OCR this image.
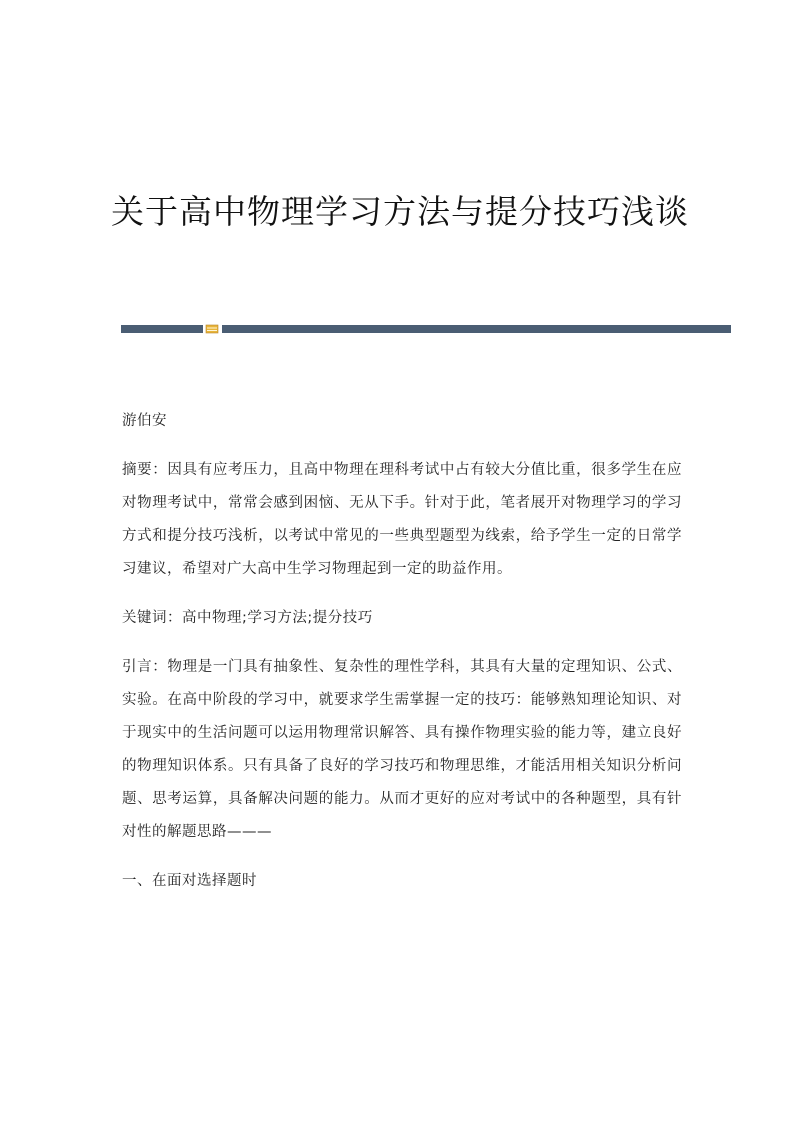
关于高中物理学习方法与提分技巧浅谈

游伯安

摘要：因具有应考压力，且高中物理在理科考试中占有较大分值比重，很多学生在应对物理考试中，常常会感到困恼、无从下手。针对于此，笔者展开对物理学习的学习方式和提分技巧浅析，以考试中常见的一些典型题型为线索，给予学生一定的日常学习建议，希望对广大高中生学习物理起到一定的助益作用。

关键词：高中物理;学习方法;提分技巧

引言：物理是一门具有抽象性、复杂性的理性学科，其具有大量的定理知识、公式、实验。在高中阶段的学习中，就要求学生需掌握一定的技巧：能够熟知理论知识、对于现实中的生活问题可以运用物理常识解答、具有操作物理实验的能力等，建立良好的物理知识体系。只有具备了良好的学习技巧和物理思维，才能活用相关知识分析问题、思考运算，具备解决问题的能力。从而才更好的应对考试中的各种题型，具有针对性的解题思路———

一、在面对选择题时
